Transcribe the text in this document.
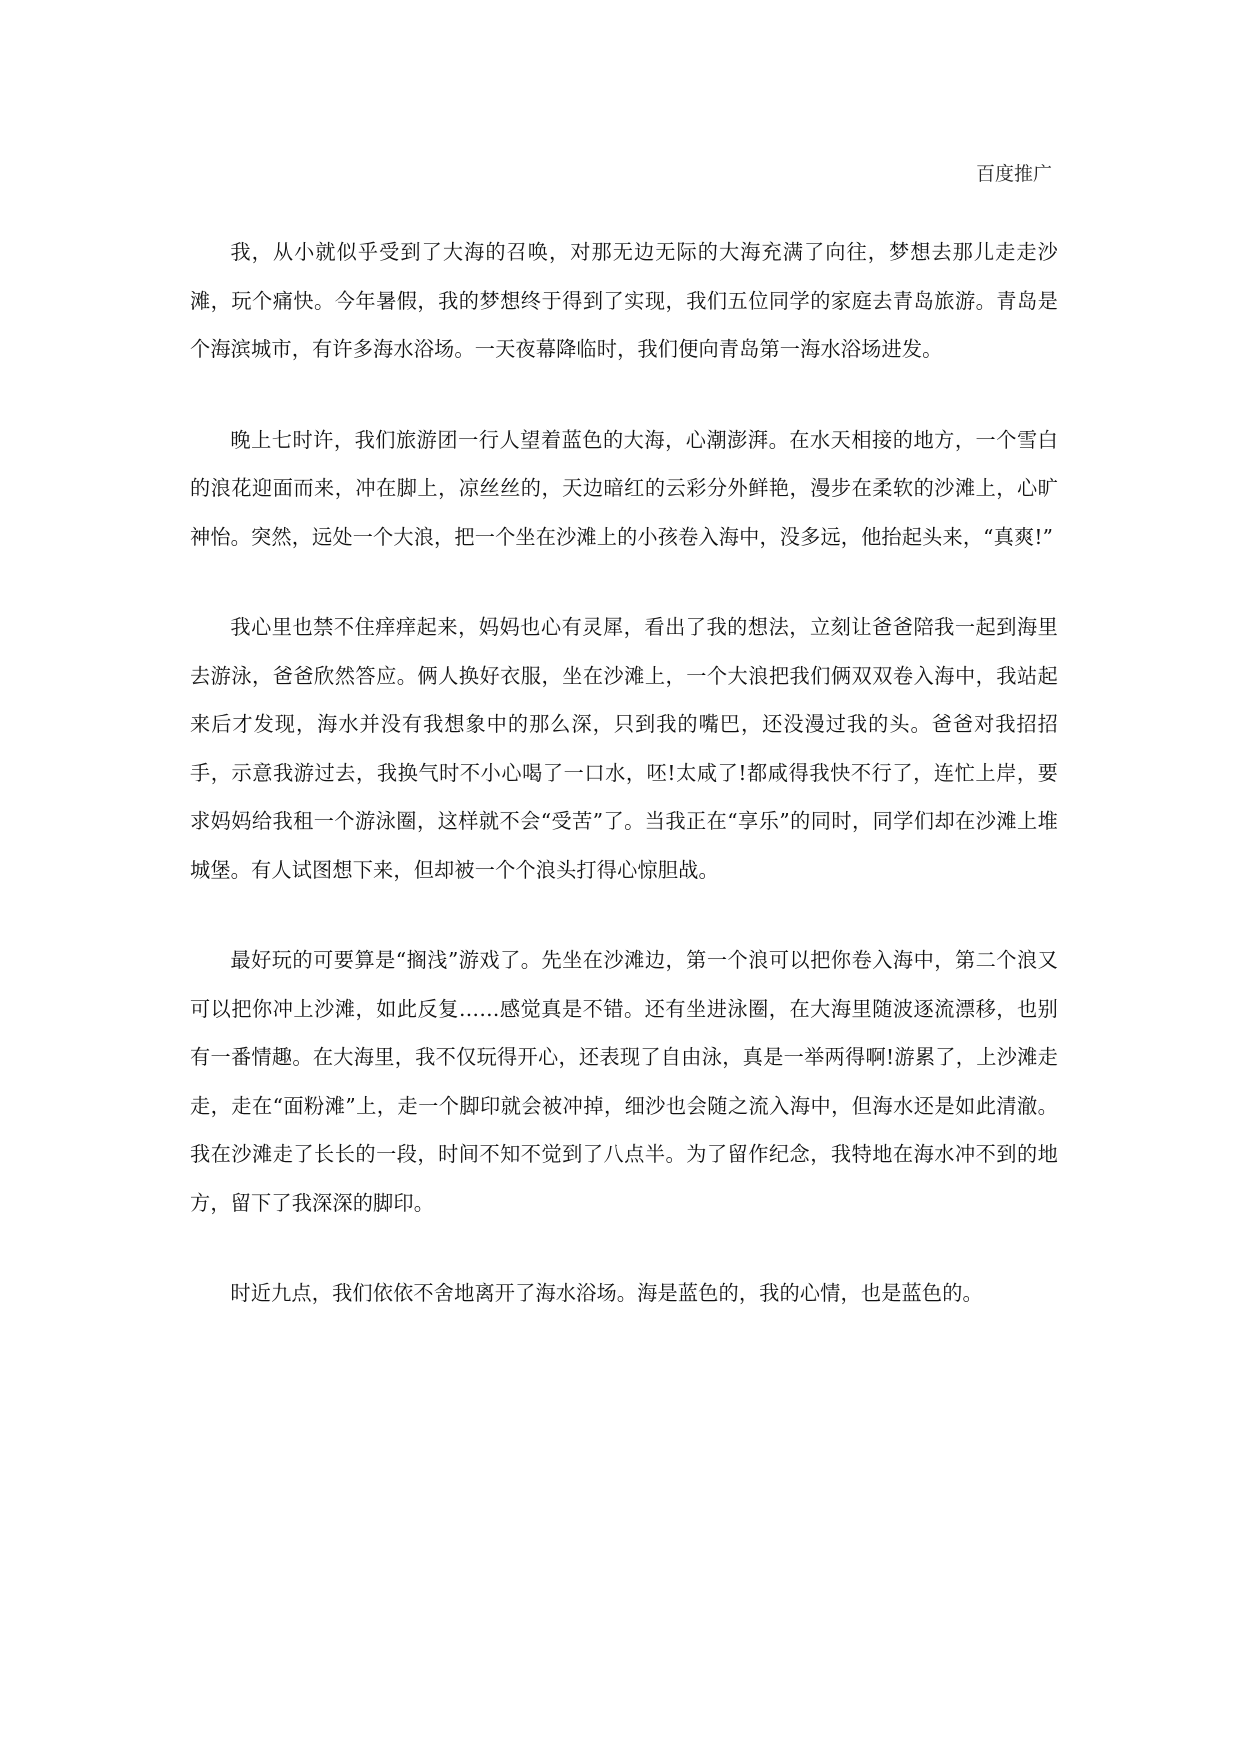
百度推广

我，从小就似乎受到了大海的召唤，对那无边无际的大海充满了向往，梦想去那儿走走沙滩，玩个痛快。今年暑假，我的梦想终于得到了实现，我们五位同学的家庭去青岛旅游。青岛是个海滨城市，有许多海水浴场。一天夜幕降临时，我们便向青岛第一海水浴场进发。

晚上七时许，我们旅游团一行人望着蓝色的大海，心潮澎湃。在水天相接的地方，一个雪白的浪花迎面而来，冲在脚上，凉丝丝的，天边暗红的云彩分外鲜艳，漫步在柔软的沙滩上，心旷神怡。突然，远处一个大浪，把一个坐在沙滩上的小孩卷入海中，没多远，他抬起头来，“真爽!”

我心里也禁不住痒痒起来，妈妈也心有灵犀，看出了我的想法，立刻让爸爸陪我一起到海里去游泳，爸爸欣然答应。俩人换好衣服，坐在沙滩上，一个大浪把我们俩双双卷入海中，我站起来后才发现，海水并没有我想象中的那么深，只到我的嘴巴，还没漫过我的头。爸爸对我招招手，示意我游过去，我换气时不小心喝了一口水，呸!太咸了!都咸得我快不行了，连忙上岸，要求妈妈给我租一个游泳圈，这样就不会“受苦”了。当我正在“享乐”的同时，同学们却在沙滩上堆城堡。有人试图想下来，但却被一个个浪头打得心惊胆战。

最好玩的可要算是“搁浅”游戏了。先坐在沙滩边，第一个浪可以把你卷入海中，第二个浪又可以把你冲上沙滩，如此反复……感觉真是不错。还有坐进泳圈，在大海里随波逐流漂移，也别有一番情趣。在大海里，我不仅玩得开心，还表现了自由泳，真是一举两得啊!游累了，上沙滩走走，走在“面粉滩”上，走一个脚印就会被冲掉，细沙也会随之流入海中，但海水还是如此清澈。我在沙滩走了长长的一段，时间不知不觉到了八点半。为了留作纪念，我特地在海水冲不到的地方，留下了我深深的脚印。

时近九点，我们依依不舍地离开了海水浴场。海是蓝色的，我的心情，也是蓝色的。
